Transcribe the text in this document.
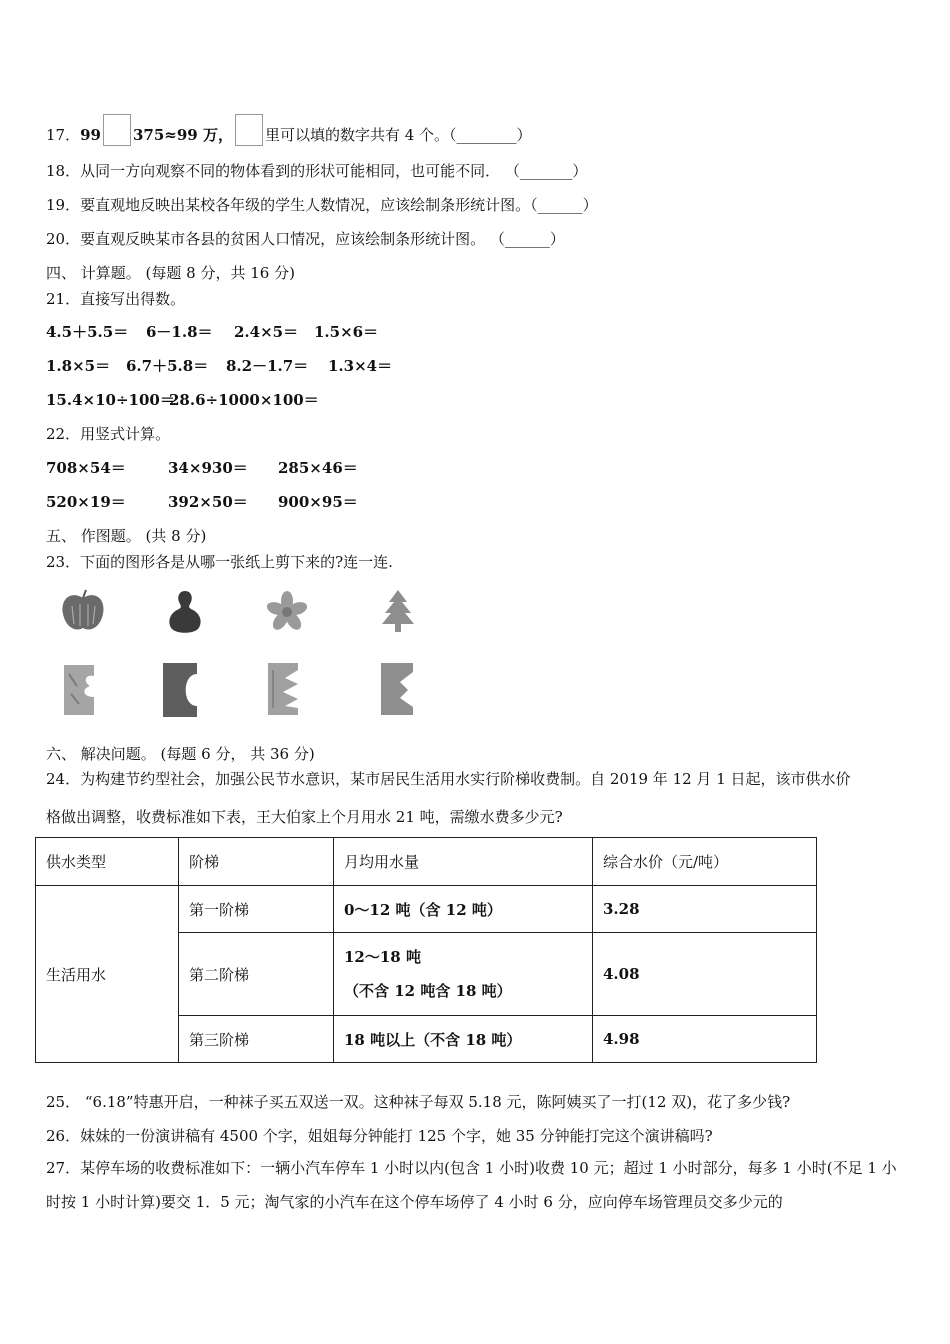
17．99 375≈99 万， 里可以填的数字共有 4 个。（________）
18．从同一方向观察不同的物体看到的形状可能相同，也可能不同． （_______）
19．要直观地反映出某校各年级的学生人数情况，应该绘制条形统计图。（______）
20．要直观反映某市各县的贫困人口情况，应该绘制条形统计图。 （______）
四、 计算题。 (每题 8 分，共 16 分)
21．直接写出得数。
4.5＋5.5＝ 6－1.8＝ 2.4×5＝ 1.5×6＝
1.8×5＝ 6.7＋5.8＝ 8.2－1.7＝ 1.3×4＝
15.4×10÷100＝28.6÷1000×100＝
22．用竖式计算。
708×54＝	34×930＝ 285×46＝
520×19＝	392×50＝ 900×95＝
五、 作图题。 (共 8 分)
23．下面的图形各是从哪一张纸上剪下来的?连一连.
六、 解决问题。 (每题 6 分， 共 36 分)
24．为构建节约型社会，加强公民节水意识，某市居民生活用水实行阶梯收费制。自 2019 年 12 月 1 日起，该市供水价
格做出调整，收费标准如下表，王大伯家上个月用水 21 吨，需缴水费多少元?
供水类型	阶梯	月均用水量	综合水价（元/吨）
生活用水	第一阶梯	0～12 吨（含 12 吨）	3.28
	第二阶梯	12～18 吨
（不含 12 吨含 18 吨）	4.08
	第三阶梯	18 吨以上（不含 18 吨）	4.98
25． “6.18”特惠开启，一种袜子买五双送一双。这种袜子每双 5.18 元，陈阿姨买了一打(12 双)，花了多少钱?
26．妹妹的一份演讲稿有 4500 个字，姐姐每分钟能打 125 个字，她 35 分钟能打完这个演讲稿吗?
27．某停车场的收费标准如下：一辆小汽车停车 1 小时以内(包含 1 小时)收费 10 元；超过 1 小时部分，每多 1 小时(不足 1 小时按 1 小时计算)要交 1．5 元；淘气家的小汽车在这个停车场停了 4 小时 6 分，应向停车场管理员交多少元的
